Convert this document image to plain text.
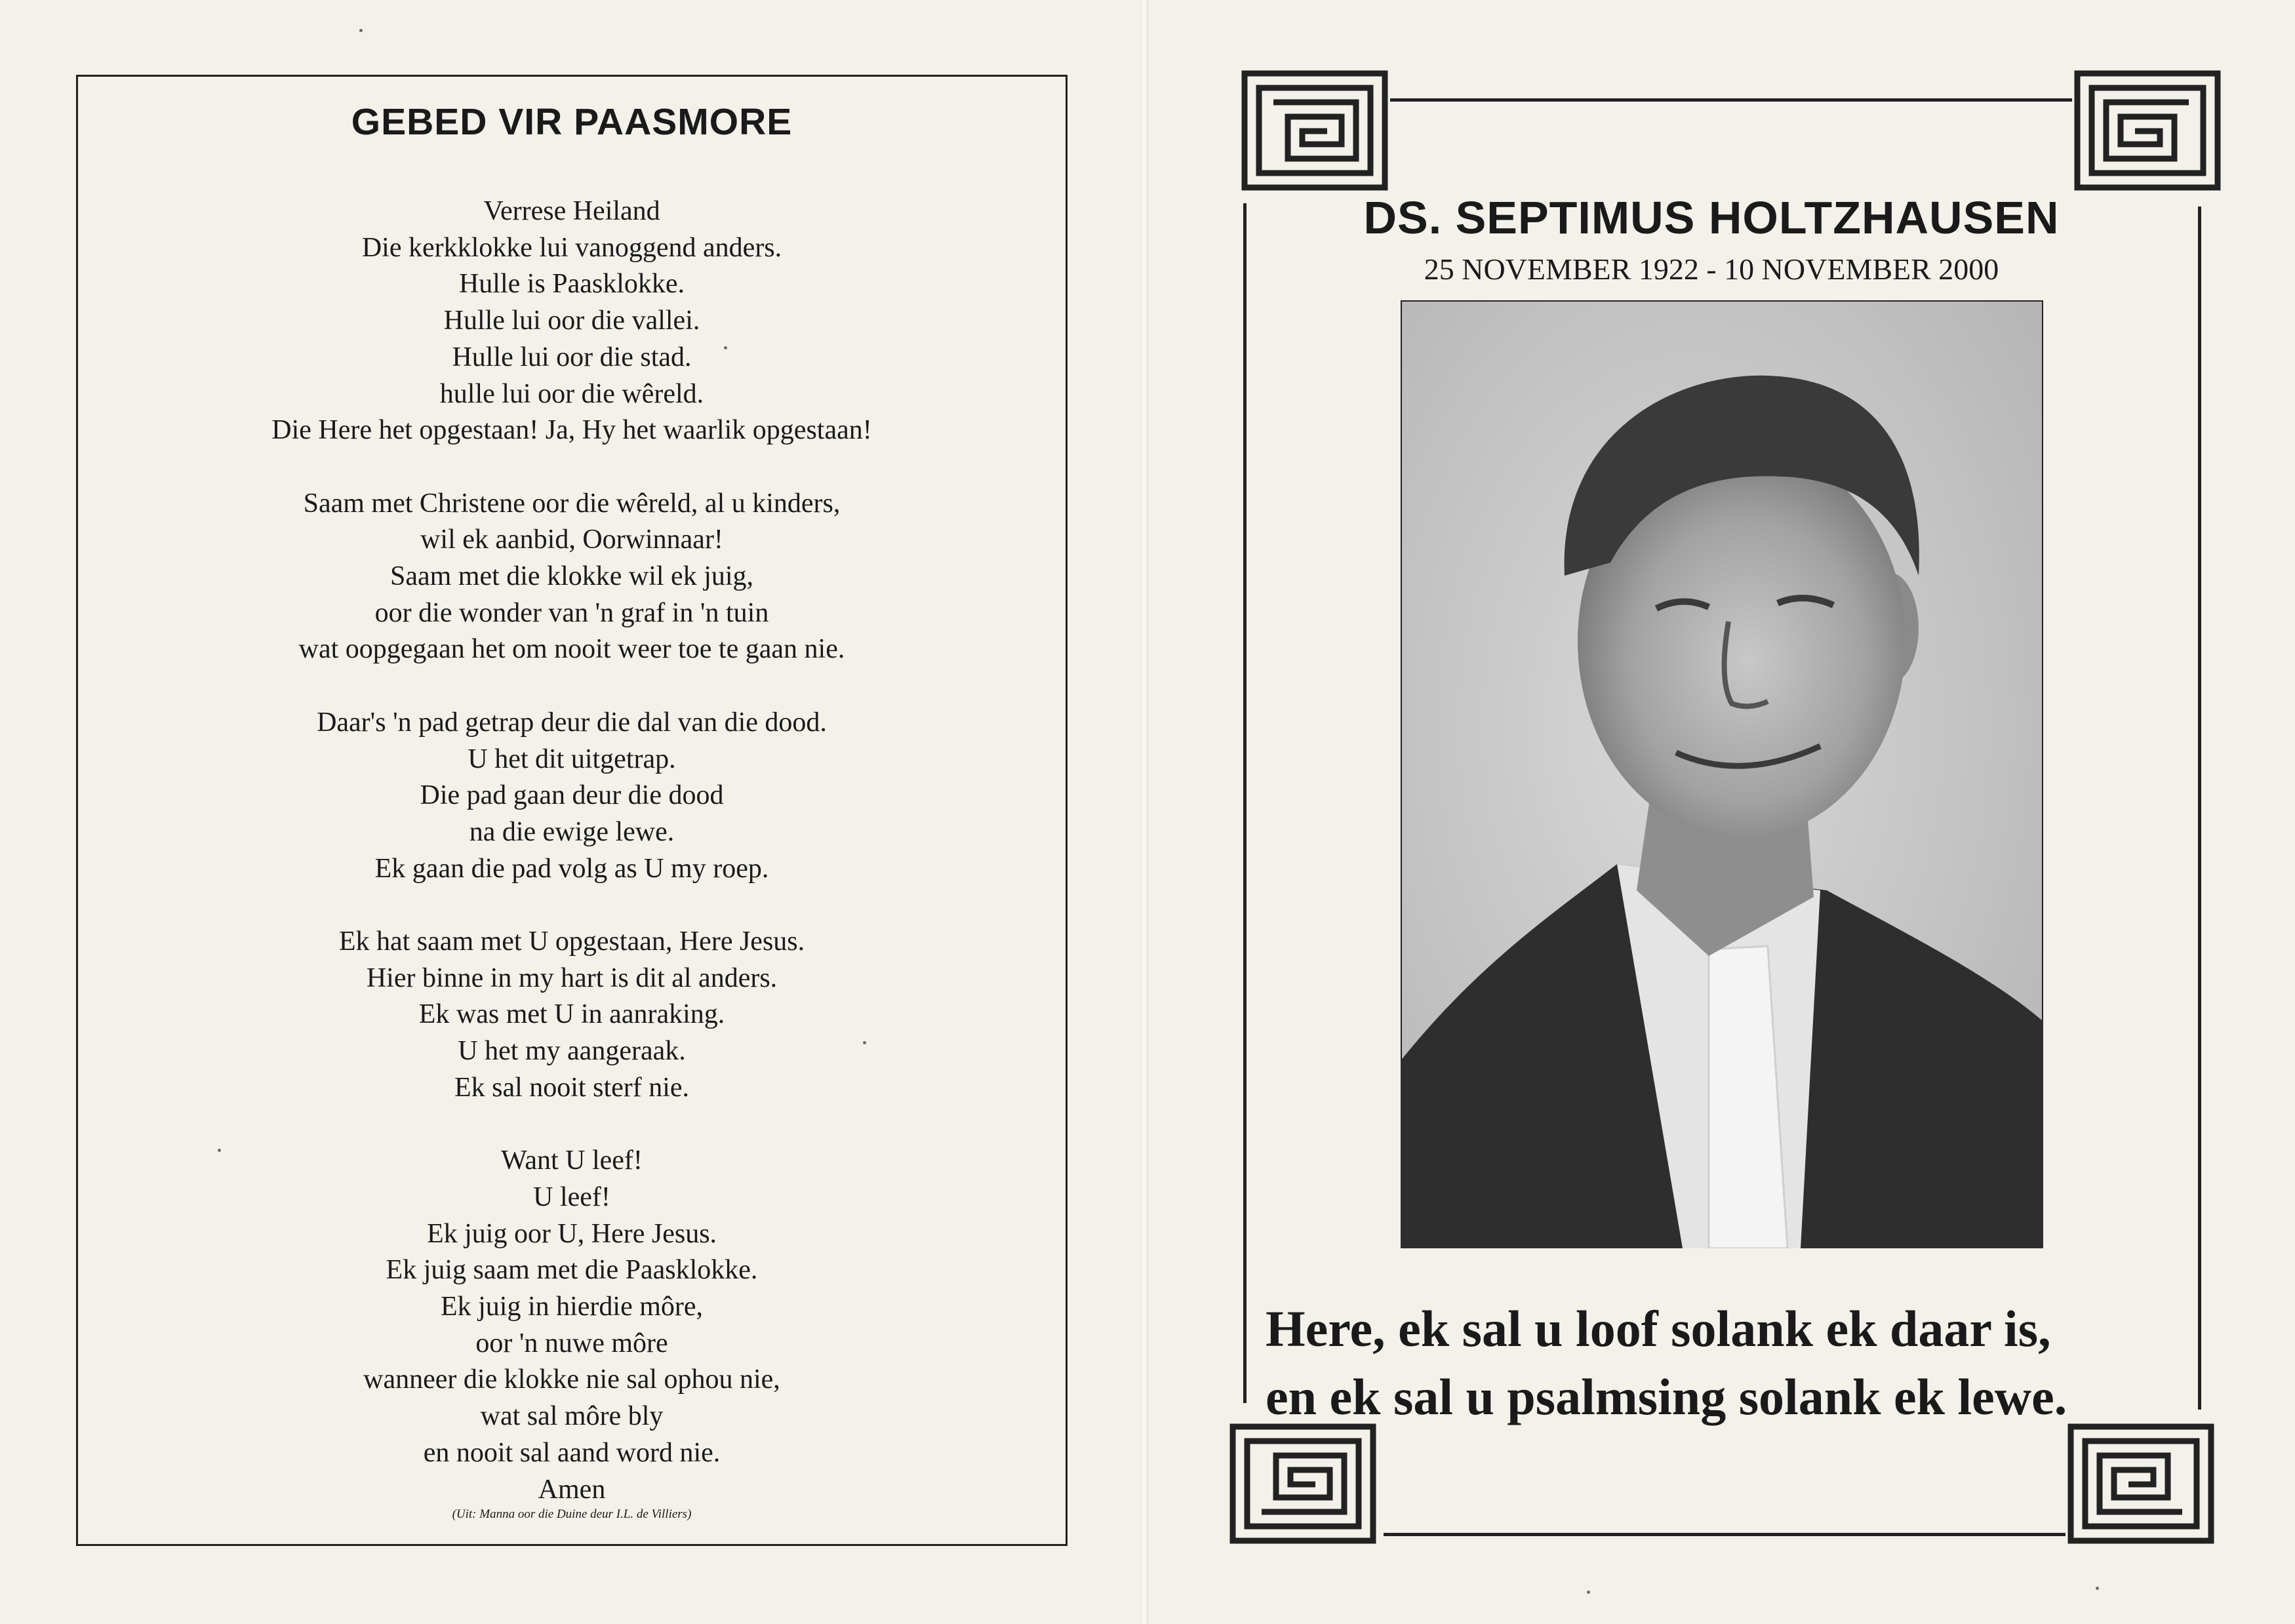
GEBED VIR PAASMORE
Verrese Heiland
Die kerkklokke lui vanoggend anders.
Hulle is Paasklokke.
Hulle lui oor die vallei.
Hulle lui oor die stad.
hulle lui oor die wêreld.
Die Here het opgestaan! Ja, Hy het waarlik opgestaan!
Saam met Christene oor die wêreld, al u kinders,
wil ek aanbid, Oorwinnaar!
Saam met die klokke wil ek juig,
oor die wonder van 'n graf in 'n tuin
wat oopgegaan het om nooit weer toe te gaan nie.
Daar's 'n pad getrap deur die dal van die dood.
U het dit uitgetrap.
Die pad gaan deur die dood
na die ewige lewe.
Ek gaan die pad volg as U my roep.
Ek hat saam met U opgestaan, Here Jesus.
Hier binne in my hart is dit al anders.
Ek was met U in aanraking.
U het my aangeraak.
Ek sal nooit sterf nie.
Want U leef!
U leef!
Ek juig oor U, Here Jesus.
Ek juig saam met die Paasklokke.
Ek juig in hierdie môre,
oor 'n nuwe môre
wanneer die klokke nie sal ophou nie,
wat sal môre bly
en nooit sal aand word nie.
Amen
(Uit: Manna oor die Duine deur I.L. de Villiers)
DS. SEPTIMUS HOLTZHAUSEN
25 NOVEMBER 1922 - 10 NOVEMBER 2000
Here, ek sal u loof solank ek daar is,
en ek sal u psalmsing solank ek lewe.
